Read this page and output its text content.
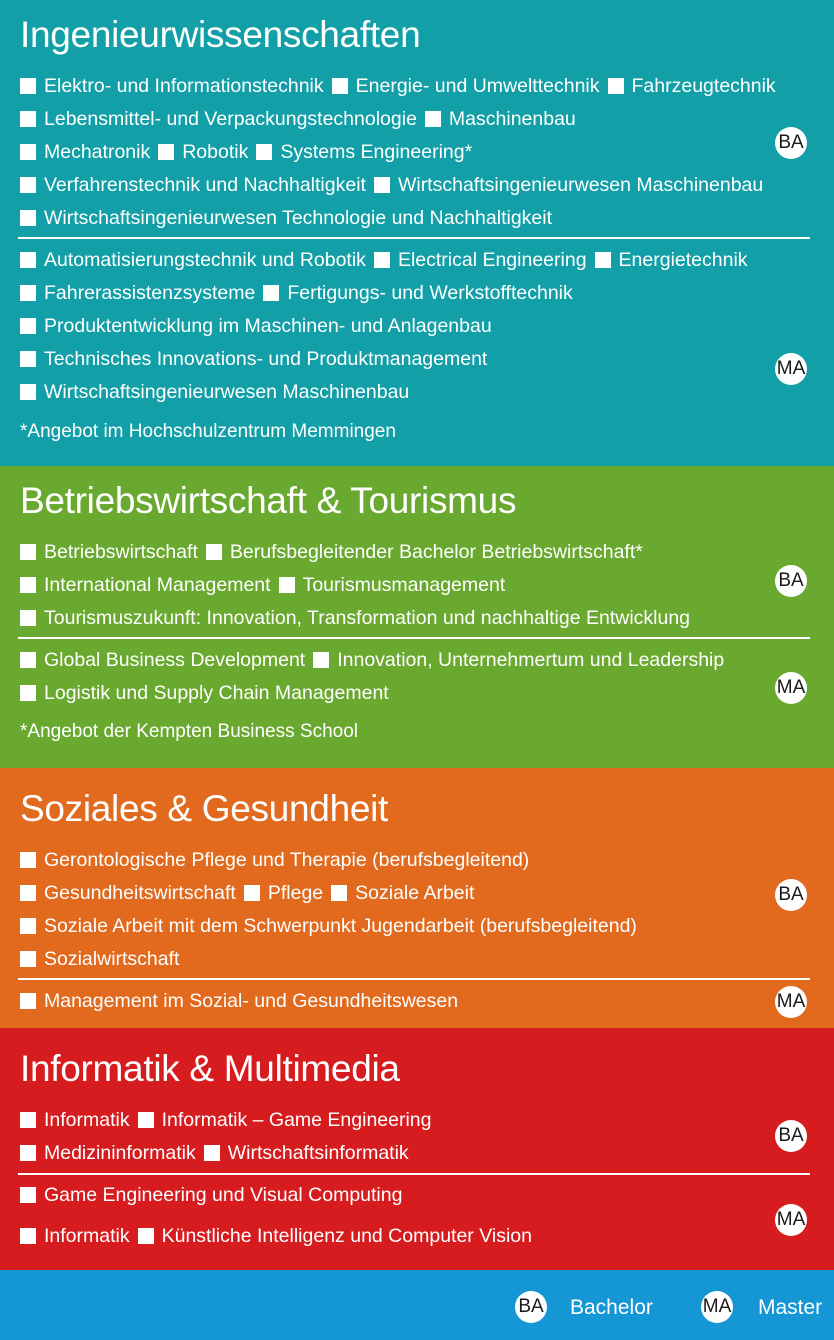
Ingenieurwissenschaften
Elektro- und Informationstechnik Energie- und Umwelttechnik Fahrzeugtechnik
Lebensmittel- und Verpackungstechnologie Maschinenbau
Mechatronik Robotik Systems Engineering*
Verfahrenstechnik und Nachhaltigkeit Wirtschaftsingenieurwesen Maschinenbau
Wirtschaftsingenieurwesen Technologie und Nachhaltigkeit
Automatisierungstechnik und Robotik Electrical Engineering Energietechnik
Fahrerassistenzsysteme Fertigungs- und Werkstofftechnik
Produktentwicklung im Maschinen- und Anlagenbau
Technisches Innovations- und Produktmanagement
Wirtschaftsingenieurwesen Maschinenbau
BA
MA
*Angebot im Hochschulzentrum Memmingen
Betriebswirtschaft & Tourismus
Betriebswirtschaft Berufsbegleitender Bachelor Betriebswirtschaft*
International Management Tourismusmanagement
Tourismuszukunft: Innovation, Transformation und nachhaltige Entwicklung
Global Business Development Innovation, Unternehmertum und Leadership
Logistik und Supply Chain Management
BA
MA
*Angebot der Kempten Business School
Soziales & Gesundheit
Gerontologische Pflege und Therapie (berufsbegleitend)
Gesundheitswirtschaft Pflege Soziale Arbeit
Soziale Arbeit mit dem Schwerpunkt Jugendarbeit (berufsbegleitend)
Sozialwirtschaft
Management im Sozial- und Gesundheitswesen
BA
MA
Informatik & Multimedia
Informatik Informatik – Game Engineering
Medizininformatik Wirtschaftsinformatik
Game Engineering und Visual Computing
Informatik Künstliche Intelligenz und Computer Vision
BA
MA
BA Bachelor	MA Master
